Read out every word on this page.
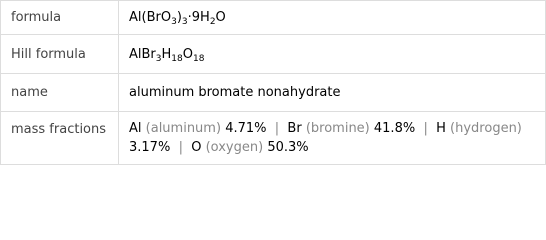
formula	$Al(BrO_3)_3\cdot 9H_2O$
Hill formula	$AlBr_3H_{18}O_{18}$
name	aluminum bromate nonahydrate
mass fractions	Al (aluminum) 4.71% | Br (bromine) 41.8% | H (hydrogen) 3.17% | O (oxygen) 50.3%
